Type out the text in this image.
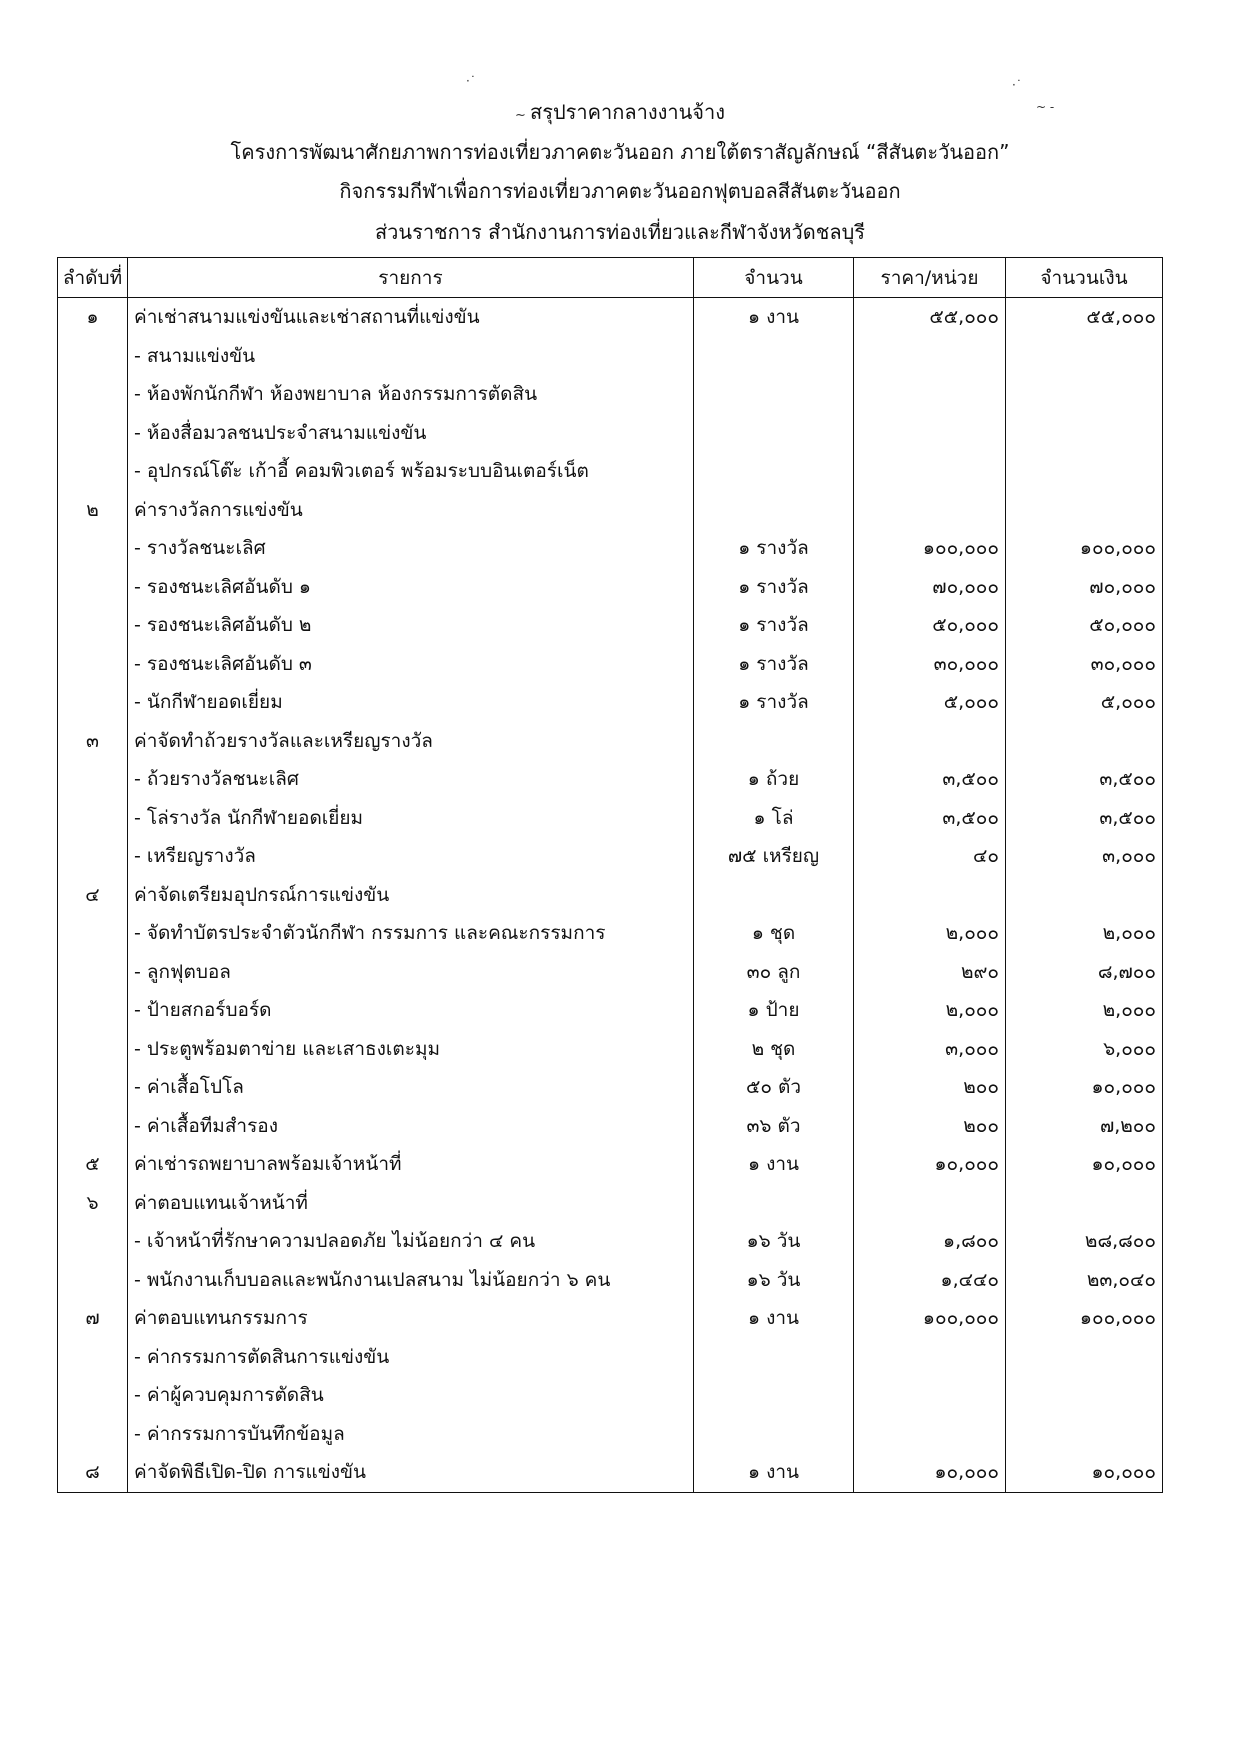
·˙	·˙
~ -
~ สรุปราคากลางงานจ้าง
โครงการพัฒนาศักยภาพการท่องเที่ยวภาคตะวันออก ภายใต้ตราสัญลักษณ์ “สีสันตะวันออก”
กิจกรรมกีฬาเพื่อการท่องเที่ยวภาคตะวันออกฟุตบอลสีสันตะวันออก
ส่วนราชการ สำนักงานการท่องเที่ยวและกีฬาจังหวัดชลบุรี
ลำดับที่	รายการ	จำนวน	ราคา/หน่วย	จำนวนเงิน
๑	ค่าเช่าสนามแข่งขันและเช่าสถานที่แข่งขัน	๑ งาน	๕๕,๐๐๐	๕๕,๐๐๐
	- สนามแข่งขัน			
	- ห้องพักนักกีฬา ห้องพยาบาล ห้องกรรมการตัดสิน			
	- ห้องสื่อมวลชนประจำสนามแข่งขัน			
	- อุปกรณ์โต๊ะ เก้าอี้ คอมพิวเตอร์ พร้อมระบบอินเตอร์เน็ต			
๒	ค่ารางวัลการแข่งขัน			
	- รางวัลชนะเลิศ	๑ รางวัล	๑๐๐,๐๐๐	๑๐๐,๐๐๐
	- รองชนะเลิศอันดับ ๑	๑ รางวัล	๗๐,๐๐๐	๗๐,๐๐๐
	- รองชนะเลิศอันดับ ๒	๑ รางวัล	๕๐,๐๐๐	๕๐,๐๐๐
	- รองชนะเลิศอันดับ ๓	๑ รางวัล	๓๐,๐๐๐	๓๐,๐๐๐
	- นักกีฬายอดเยี่ยม	๑ รางวัล	๕,๐๐๐	๕,๐๐๐
๓	ค่าจัดทำถ้วยรางวัลและเหรียญรางวัล			
	- ถ้วยรางวัลชนะเลิศ	๑ ถ้วย	๓,๕๐๐	๓,๕๐๐
	- โล่รางวัล นักกีฬายอดเยี่ยม	๑ โล่	๓,๕๐๐	๓,๕๐๐
	- เหรียญรางวัล	๗๕ เหรียญ	๔๐	๓,๐๐๐
๔	ค่าจัดเตรียมอุปกรณ์การแข่งขัน			
	- จัดทำบัตรประจำตัวนักกีฬา กรรมการ และคณะกรรมการ	๑ ชุด	๒,๐๐๐	๒,๐๐๐
	- ลูกฟุตบอล	๓๐ ลูก	๒๙๐	๘,๗๐๐
	- ป้ายสกอร์บอร์ด	๑ ป้าย	๒,๐๐๐	๒,๐๐๐
	- ประตูพร้อมตาข่าย และเสาธงเตะมุม	๒ ชุด	๓,๐๐๐	๖,๐๐๐
	- ค่าเสื้อโปโล	๕๐ ตัว	๒๐๐	๑๐,๐๐๐
	- ค่าเสื้อทีมสำรอง	๓๖ ตัว	๒๐๐	๗,๒๐๐
๕	ค่าเช่ารถพยาบาลพร้อมเจ้าหน้าที่	๑ งาน	๑๐,๐๐๐	๑๐,๐๐๐
๖	ค่าตอบแทนเจ้าหน้าที่			
	- เจ้าหน้าที่รักษาความปลอดภัย ไม่น้อยกว่า ๔ คน	๑๖ วัน	๑,๘๐๐	๒๘,๘๐๐
	- พนักงานเก็บบอลและพนักงานเปลสนาม ไม่น้อยกว่า ๖ คน	๑๖ วัน	๑,๔๔๐	๒๓,๐๔๐
๗	ค่าตอบแทนกรรมการ	๑ งาน	๑๐๐,๐๐๐	๑๐๐,๐๐๐
	- ค่ากรรมการตัดสินการแข่งขัน			
	- ค่าผู้ควบคุมการตัดสิน			
	- ค่ากรรมการบันทึกข้อมูล			
๘	ค่าจัดพิธีเปิด-ปิด การแข่งขัน	๑ งาน	๑๐,๐๐๐	๑๐,๐๐๐
